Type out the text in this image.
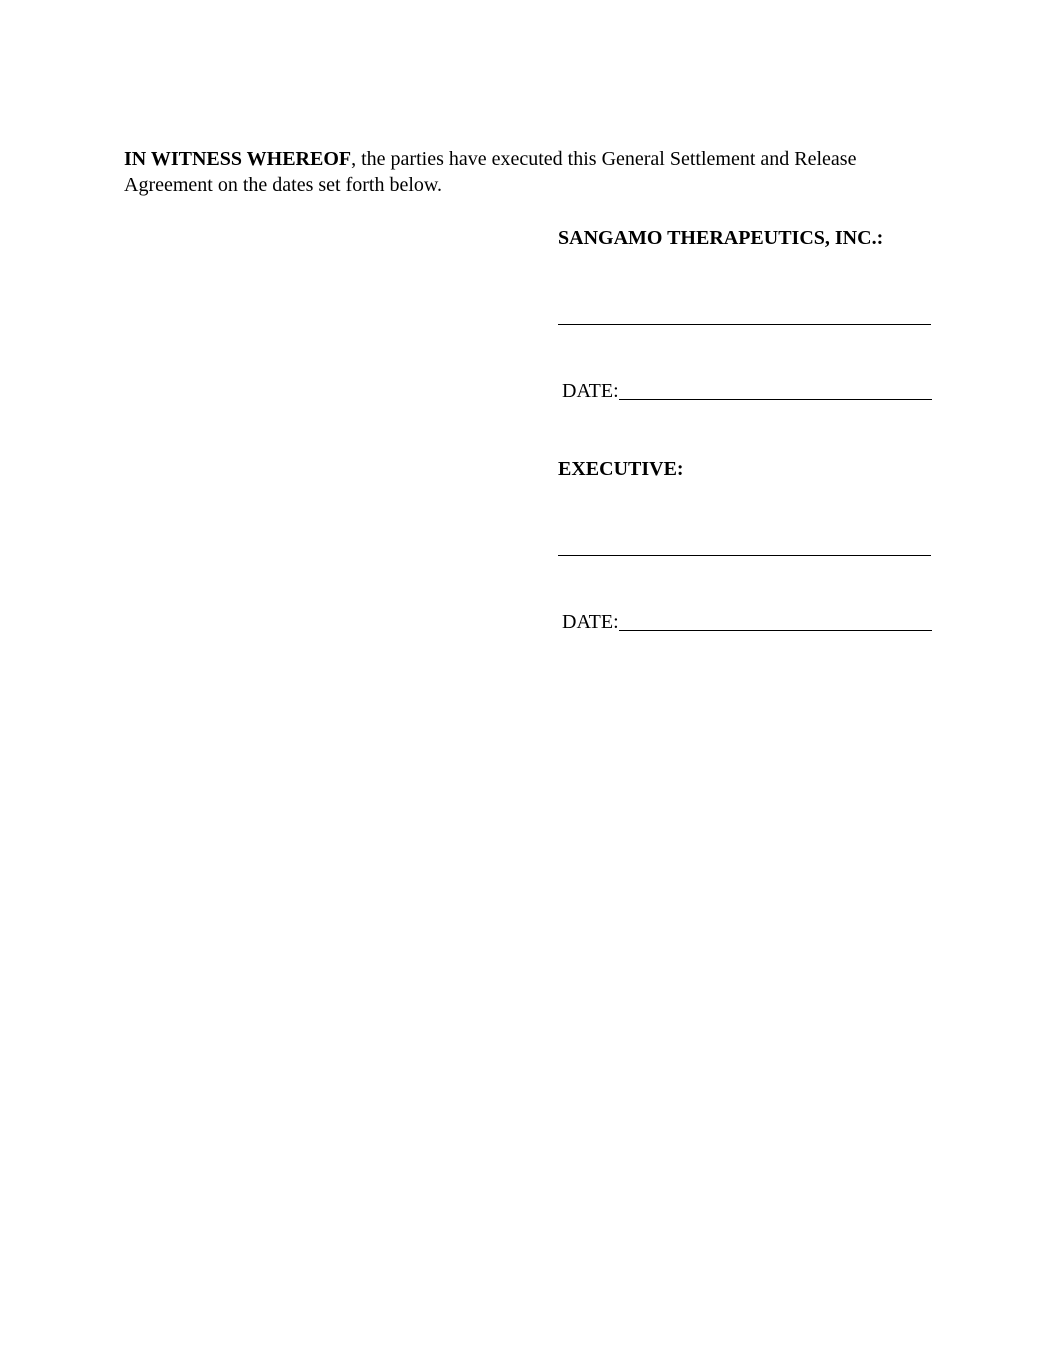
IN WITNESS WHEREOF, the parties have executed this General Settlement and Release Agreement on the dates set forth below.

SANGAMO THERAPEUTICS, INC.:

DATE:

EXECUTIVE:

DATE:
